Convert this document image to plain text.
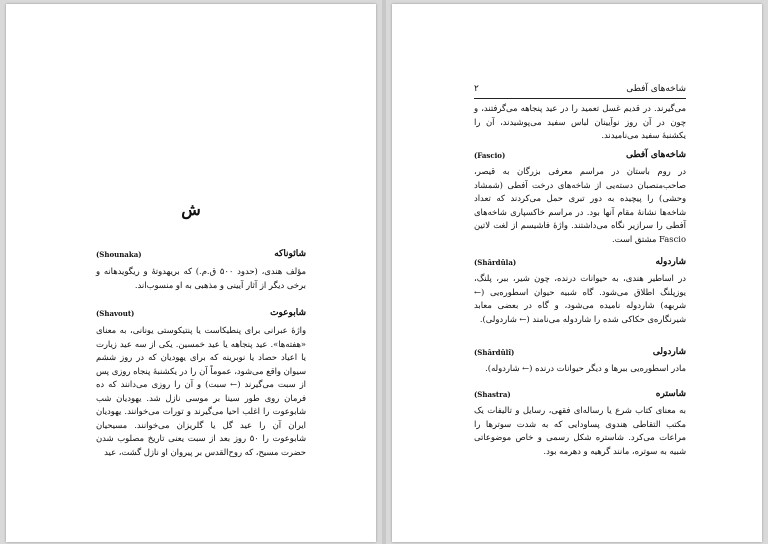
ش
شائوناکه
(Shounaka)

مؤلف هندی، (حدود ۵۰۰ ق.م.) که بریهدوتهٔ و ریگویدهانه و برخی دیگر از آثار آیینی و مذهبی به او منسوب‌اند.

شابوعوت
(Shavout)

واژهٔ عبرانی برای پنطیکاست یا پنتیکوستی یونانی، به معنای «هفته‌ها». عید پنجاهه یا عید خمسین. یکی از سه عید زیارت یا اعیاد حصاد یا نوبرینه که برای یهودیان که در روز ششم سیوان واقع می‌شود، عموماً آن را در یکشنبهٔ پنجاه روزی پس از سبت می‌گیرند (← سبت) و آن را روزی می‌دانند که ده فرمان روی طور سینا بر موسی نازل شد. یهودیان شب شابوعوت را اغلب احیا می‌گیرند و تورات می‌خوانند. یهودیان ایران آن را عید گل یا گلریزان می‌خوانند. مسیحیان شابوعوت را ۵۰ روز بعد از سبت یعنی تاریخ مصلوب شدن حضرت مسیح، که روح‌القدس بر پیروان او نازل گشت، عید

شاخه‌های آفطی
۲

می‌گیرند. در قدیم غسل تعمید را در عید پنجاهه می‌گرفتند، و چون در آن روز نوآیینان لباس سفید می‌پوشیدند، آن را یکشنبهٔ سفید می‌نامیدند.

شاخه‌های آفطی
(Fascio)

در روم باستان در مراسم معرفی بزرگان به قیصر، صاحب‌منصبان دسته‌یی از شاخه‌های درخت آفطی (شمشاد وحشی) را پیچیده به دور تبری حمل می‌کردند که تعداد شاخه‌ها نشانهٔ مقام آنها بود. در مراسم خاکسپاری شاخه‌های آفطی را سرازیر نگاه می‌داشتند. واژهٔ فاشیسم از لغت لاتین Fascio مشتق است.

شاردوله
(Shârdûla)

در اساطیر هندی، به حیوانات درنده، چون شیر، ببر، پلنگ، یوزپلنگ اطلاق می‌شود. گاه شبیه حیوان اسطوره‌یی (← شربهه) شاردوله نامیده می‌شود، و گاه در بعضی معابد شیرنگاره‌ی حکاکی شده را شاردوله می‌نامند (← شاردولی).

شاردولی
(Shârdûlî)

مادر اسطوره‌یی ببرها و دیگر حیوانات درنده (← شاردوله).

شاستره
(Shastra)

به معنای کتاب شرع یا رساله‌ای فقهی، رسایل و تالیفات یک مکتب التقاطی هندوی پسا‌ودایی که به شدت سوترها را مراعات می‌کرد. شاستره شکل رسمی و خاص موضوعاتی شبیه به سوتره، مانند گرهیه و دهرمه بود.
